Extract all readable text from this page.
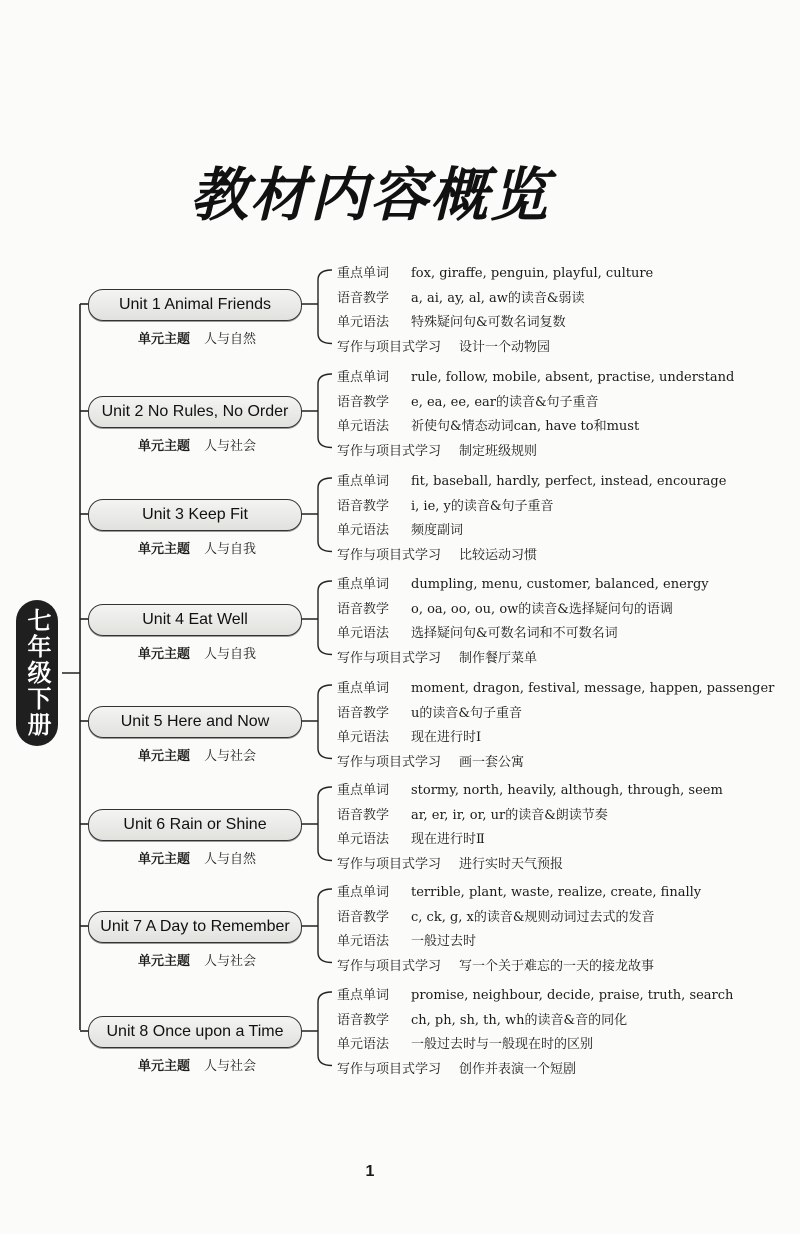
教材内容概览
七年级下册
Unit 1 Animal Friends
单元主题 人与自然
重点单词 fox, giraffe, penguin, playful, culture
语音教学 a, ai, ay, al, aw的读音&弱读
单元语法 特殊疑问句&可数名词复数
写作与项目式学习 设计一个动物园
Unit 2 No Rules, No Order
单元主题 人与社会
重点单词 rule, follow, mobile, absent, practise, understand
语音教学 e, ea, ee, ear的读音&句子重音
单元语法 祈使句&情态动词can, have to和must
写作与项目式学习 制定班级规则
Unit 3 Keep Fit
单元主题 人与自我
重点单词 fit, baseball, hardly, perfect, instead, encourage
语音教学 i, ie, y的读音&句子重音
单元语法 频度副词
写作与项目式学习 比较运动习惯
Unit 4 Eat Well
单元主题 人与自我
重点单词 dumpling, menu, customer, balanced, energy
语音教学 o, oa, oo, ou, ow的读音&选择疑问句的语调
单元语法 选择疑问句&可数名词和不可数名词
写作与项目式学习 制作餐厅菜单
Unit 5 Here and Now
单元主题 人与社会
重点单词 moment, dragon, festival, message, happen, passenger
语音教学 u的读音&句子重音
单元语法 现在进行时Ⅰ
写作与项目式学习 画一套公寓
Unit 6 Rain or Shine
单元主题 人与自然
重点单词 stormy, north, heavily, although, through, seem
语音教学 ar, er, ir, or, ur的读音&朗读节奏
单元语法 现在进行时Ⅱ
写作与项目式学习 进行实时天气预报
Unit 7 A Day to Remember
单元主题 人与社会
重点单词 terrible, plant, waste, realize, create, finally
语音教学 c, ck, g, x的读音&规则动词过去式的发音
单元语法 一般过去时
写作与项目式学习 写一个关于难忘的一天的接龙故事
Unit 8 Once upon a Time
单元主题 人与社会
重点单词 promise, neighbour, decide, praise, truth, search
语音教学 ch, ph, sh, th, wh的读音&音的同化
单元语法 一般过去时与一般现在时的区别
写作与项目式学习 创作并表演一个短剧
1
